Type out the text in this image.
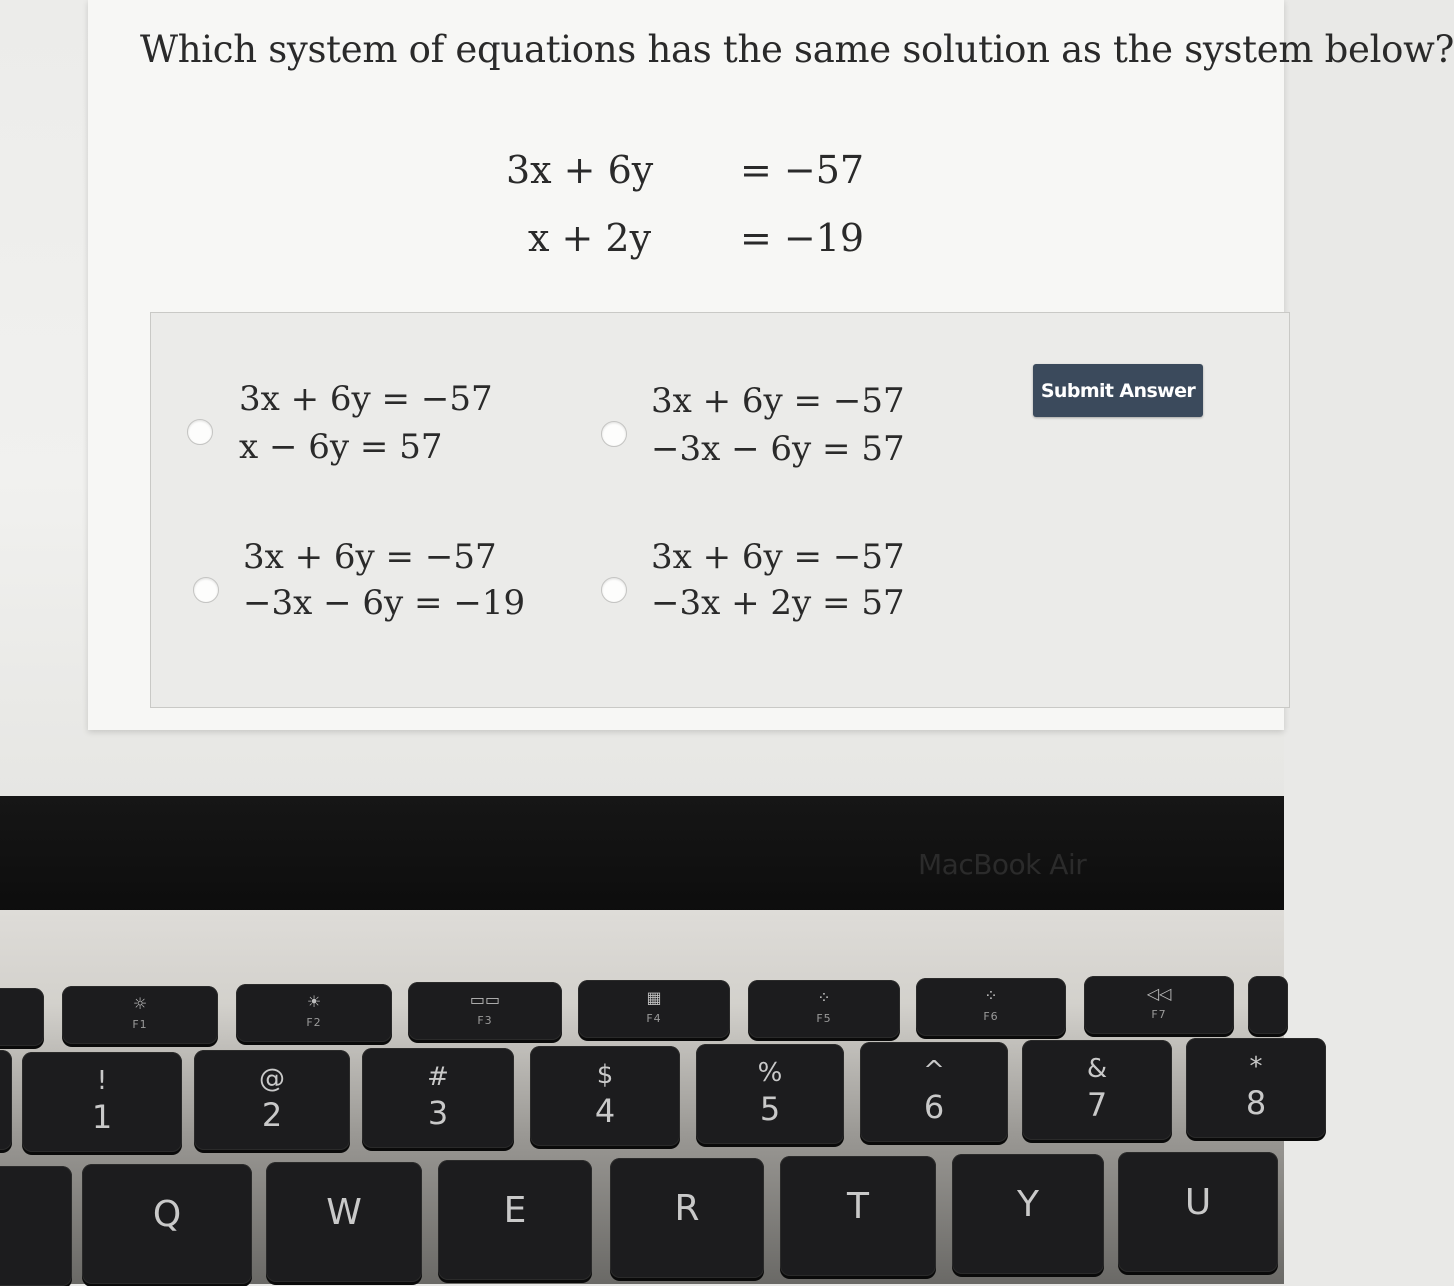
Which system of equations has the same solution as the system below?
3x + 6y = −57
x + 2y = −19
3x + 6y = −57
x − 6y = 57
3x + 6y = −57
−3x − 6y = 57
3x + 6y = −57
−3x − 6y = −19
3x + 6y = −57
−3x + 2y = 57
Submit Answer
MacBook Air
☼
F1
☀
F2
▭▭
F3
▦
F4
⁘
F5
⁘
F6
◁◁
F7
!
1
@
2
#
3
$
4
%
5
^
6
&
7
*
8
Q	W	E	R	T	Y	U
